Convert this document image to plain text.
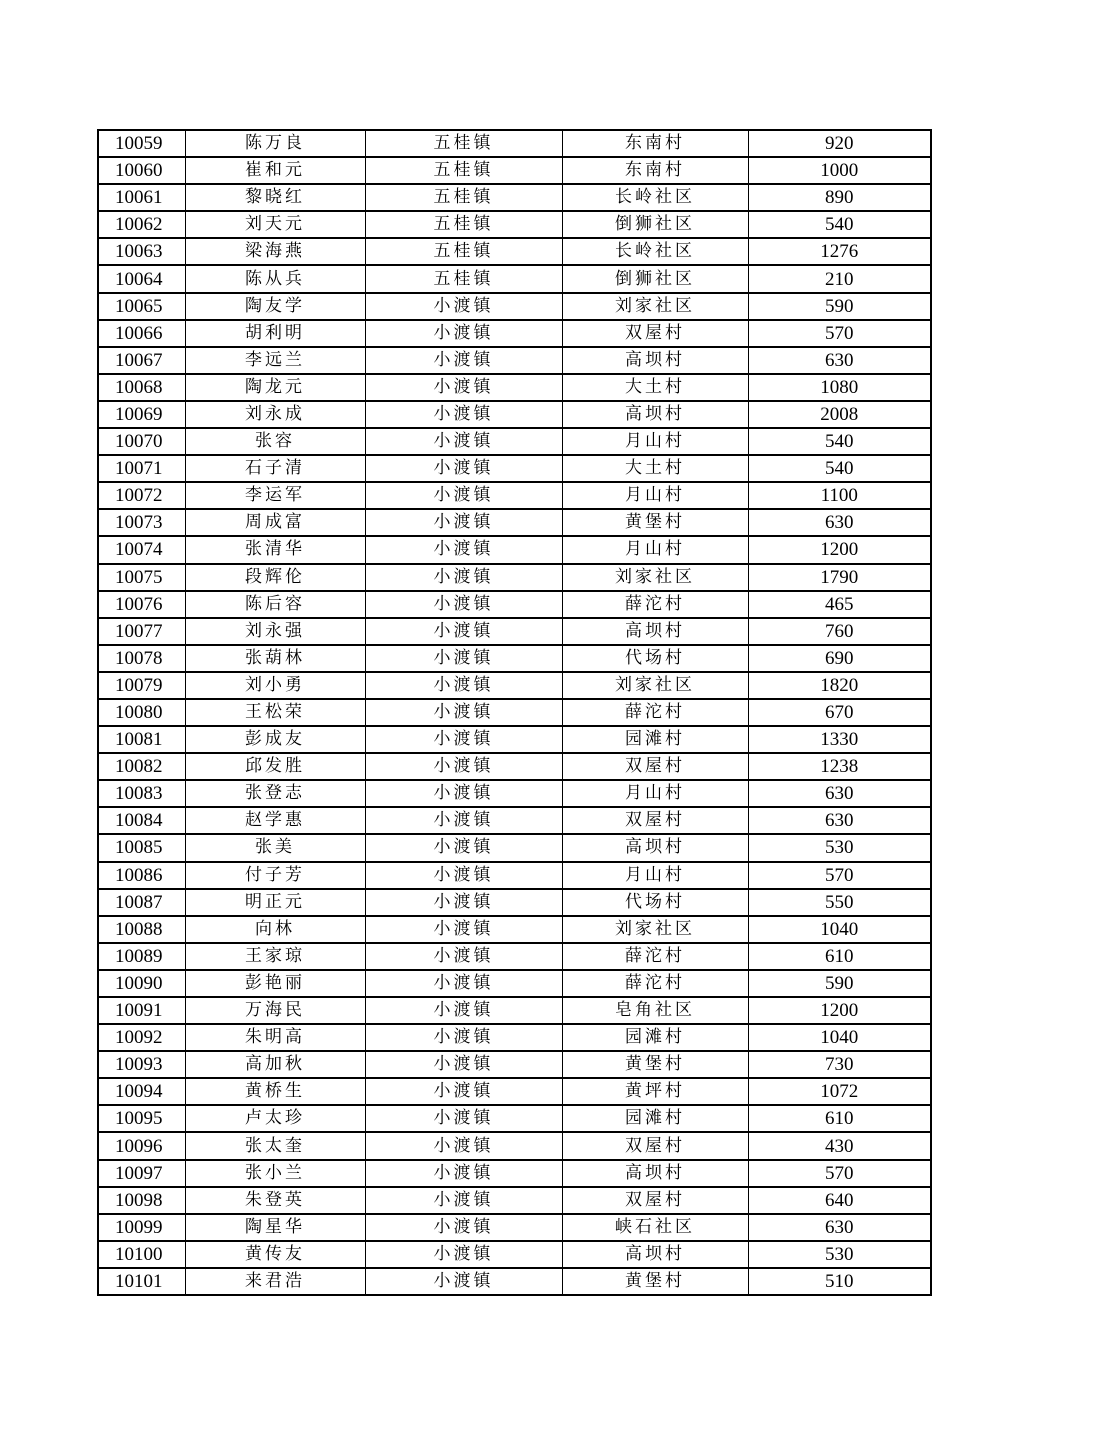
10059	陈万良	五桂镇	东南村	920
10060	崔和元	五桂镇	东南村	1000
10061	黎晓红	五桂镇	长岭社区	890
10062	刘天元	五桂镇	倒狮社区	540
10063	梁海燕	五桂镇	长岭社区	1276
10064	陈从兵	五桂镇	倒狮社区	210
10065	陶友学	小渡镇	刘家社区	590
10066	胡利明	小渡镇	双屋村	570
10067	李远兰	小渡镇	高坝村	630
10068	陶龙元	小渡镇	大土村	1080
10069	刘永成	小渡镇	高坝村	2008
10070	张容	小渡镇	月山村	540
10071	石子清	小渡镇	大土村	540
10072	李运军	小渡镇	月山村	1100
10073	周成富	小渡镇	黄堡村	630
10074	张清华	小渡镇	月山村	1200
10075	段辉伦	小渡镇	刘家社区	1790
10076	陈后容	小渡镇	薛沱村	465
10077	刘永强	小渡镇	高坝村	760
10078	张葫林	小渡镇	代场村	690
10079	刘小勇	小渡镇	刘家社区	1820
10080	王松荣	小渡镇	薛沱村	670
10081	彭成友	小渡镇	园滩村	1330
10082	邱发胜	小渡镇	双屋村	1238
10083	张登志	小渡镇	月山村	630
10084	赵学惠	小渡镇	双屋村	630
10085	张美	小渡镇	高坝村	530
10086	付子芳	小渡镇	月山村	570
10087	明正元	小渡镇	代场村	550
10088	向林	小渡镇	刘家社区	1040
10089	王家琼	小渡镇	薛沱村	610
10090	彭艳丽	小渡镇	薛沱村	590
10091	万海民	小渡镇	皂角社区	1200
10092	朱明高	小渡镇	园滩村	1040
10093	高加秋	小渡镇	黄堡村	730
10094	黄桥生	小渡镇	黄坪村	1072
10095	卢太珍	小渡镇	园滩村	610
10096	张太奎	小渡镇	双屋村	430
10097	张小兰	小渡镇	高坝村	570
10098	朱登英	小渡镇	双屋村	640
10099	陶星华	小渡镇	峡石社区	630
10100	黄传友	小渡镇	高坝村	530
10101	来君浩	小渡镇	黄堡村	510
